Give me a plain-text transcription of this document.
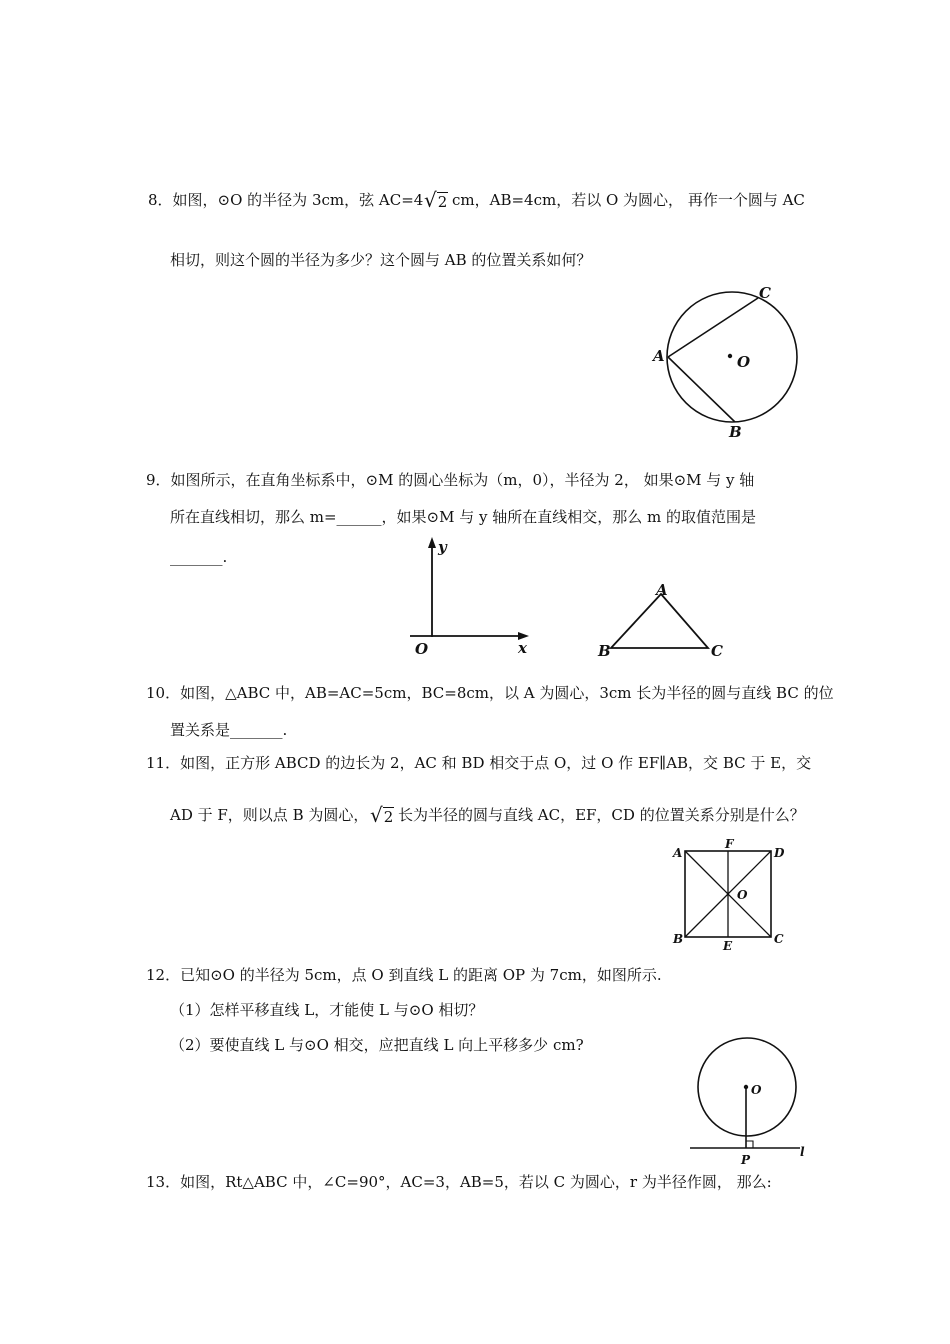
8．如图，⊙O 的半径为 3cm，弦 AC=4 √2 cm，AB=4cm，若以 O 为圆心， 再作一个圆与 AC
相切，则这个圆的半径为多少？这个圆与 AB 的位置关系如何？
A
C
B
O
9．如图所示，在直角坐标系中，⊙M 的圆心坐标为（m，0），半径为 2， 如果⊙M 与 y 轴
所在直线相切，那么 m=______，如果⊙M 与 y 轴所在直线相交，那么 m 的取值范围是
_______.
y
x
O
A
B	C
10．如图，△ABC 中，AB=AC=5cm，BC=8cm，以 A 为圆心，3cm 长为半径的圆与直线 BC 的位
置关系是_______.
11．如图，正方形 ABCD 的边长为 2，AC 和 BD 相交于点 O，过 O 作 EF∥AB，交 BC 于 E，交
AD 于 F，则以点 B 为圆心， √2 长为半径的圆与直线 AC，EF，CD 的位置关系分别是什么？
A
B	C
D
E
F
O
12．已知⊙O 的半径为 5cm，点 O 到直线 L 的距离 OP 为 7cm，如图所示.
（1）怎样平移直线 L，才能使 L 与⊙O 相切？
（2）要使直线 L 与⊙O 相交，应把直线 L 向上平移多少 cm?
O
P
l
13．如图，Rt△ABC 中，∠C=90°，AC=3，AB=5，若以 C 为圆心，r 为半径作圆， 那么:
